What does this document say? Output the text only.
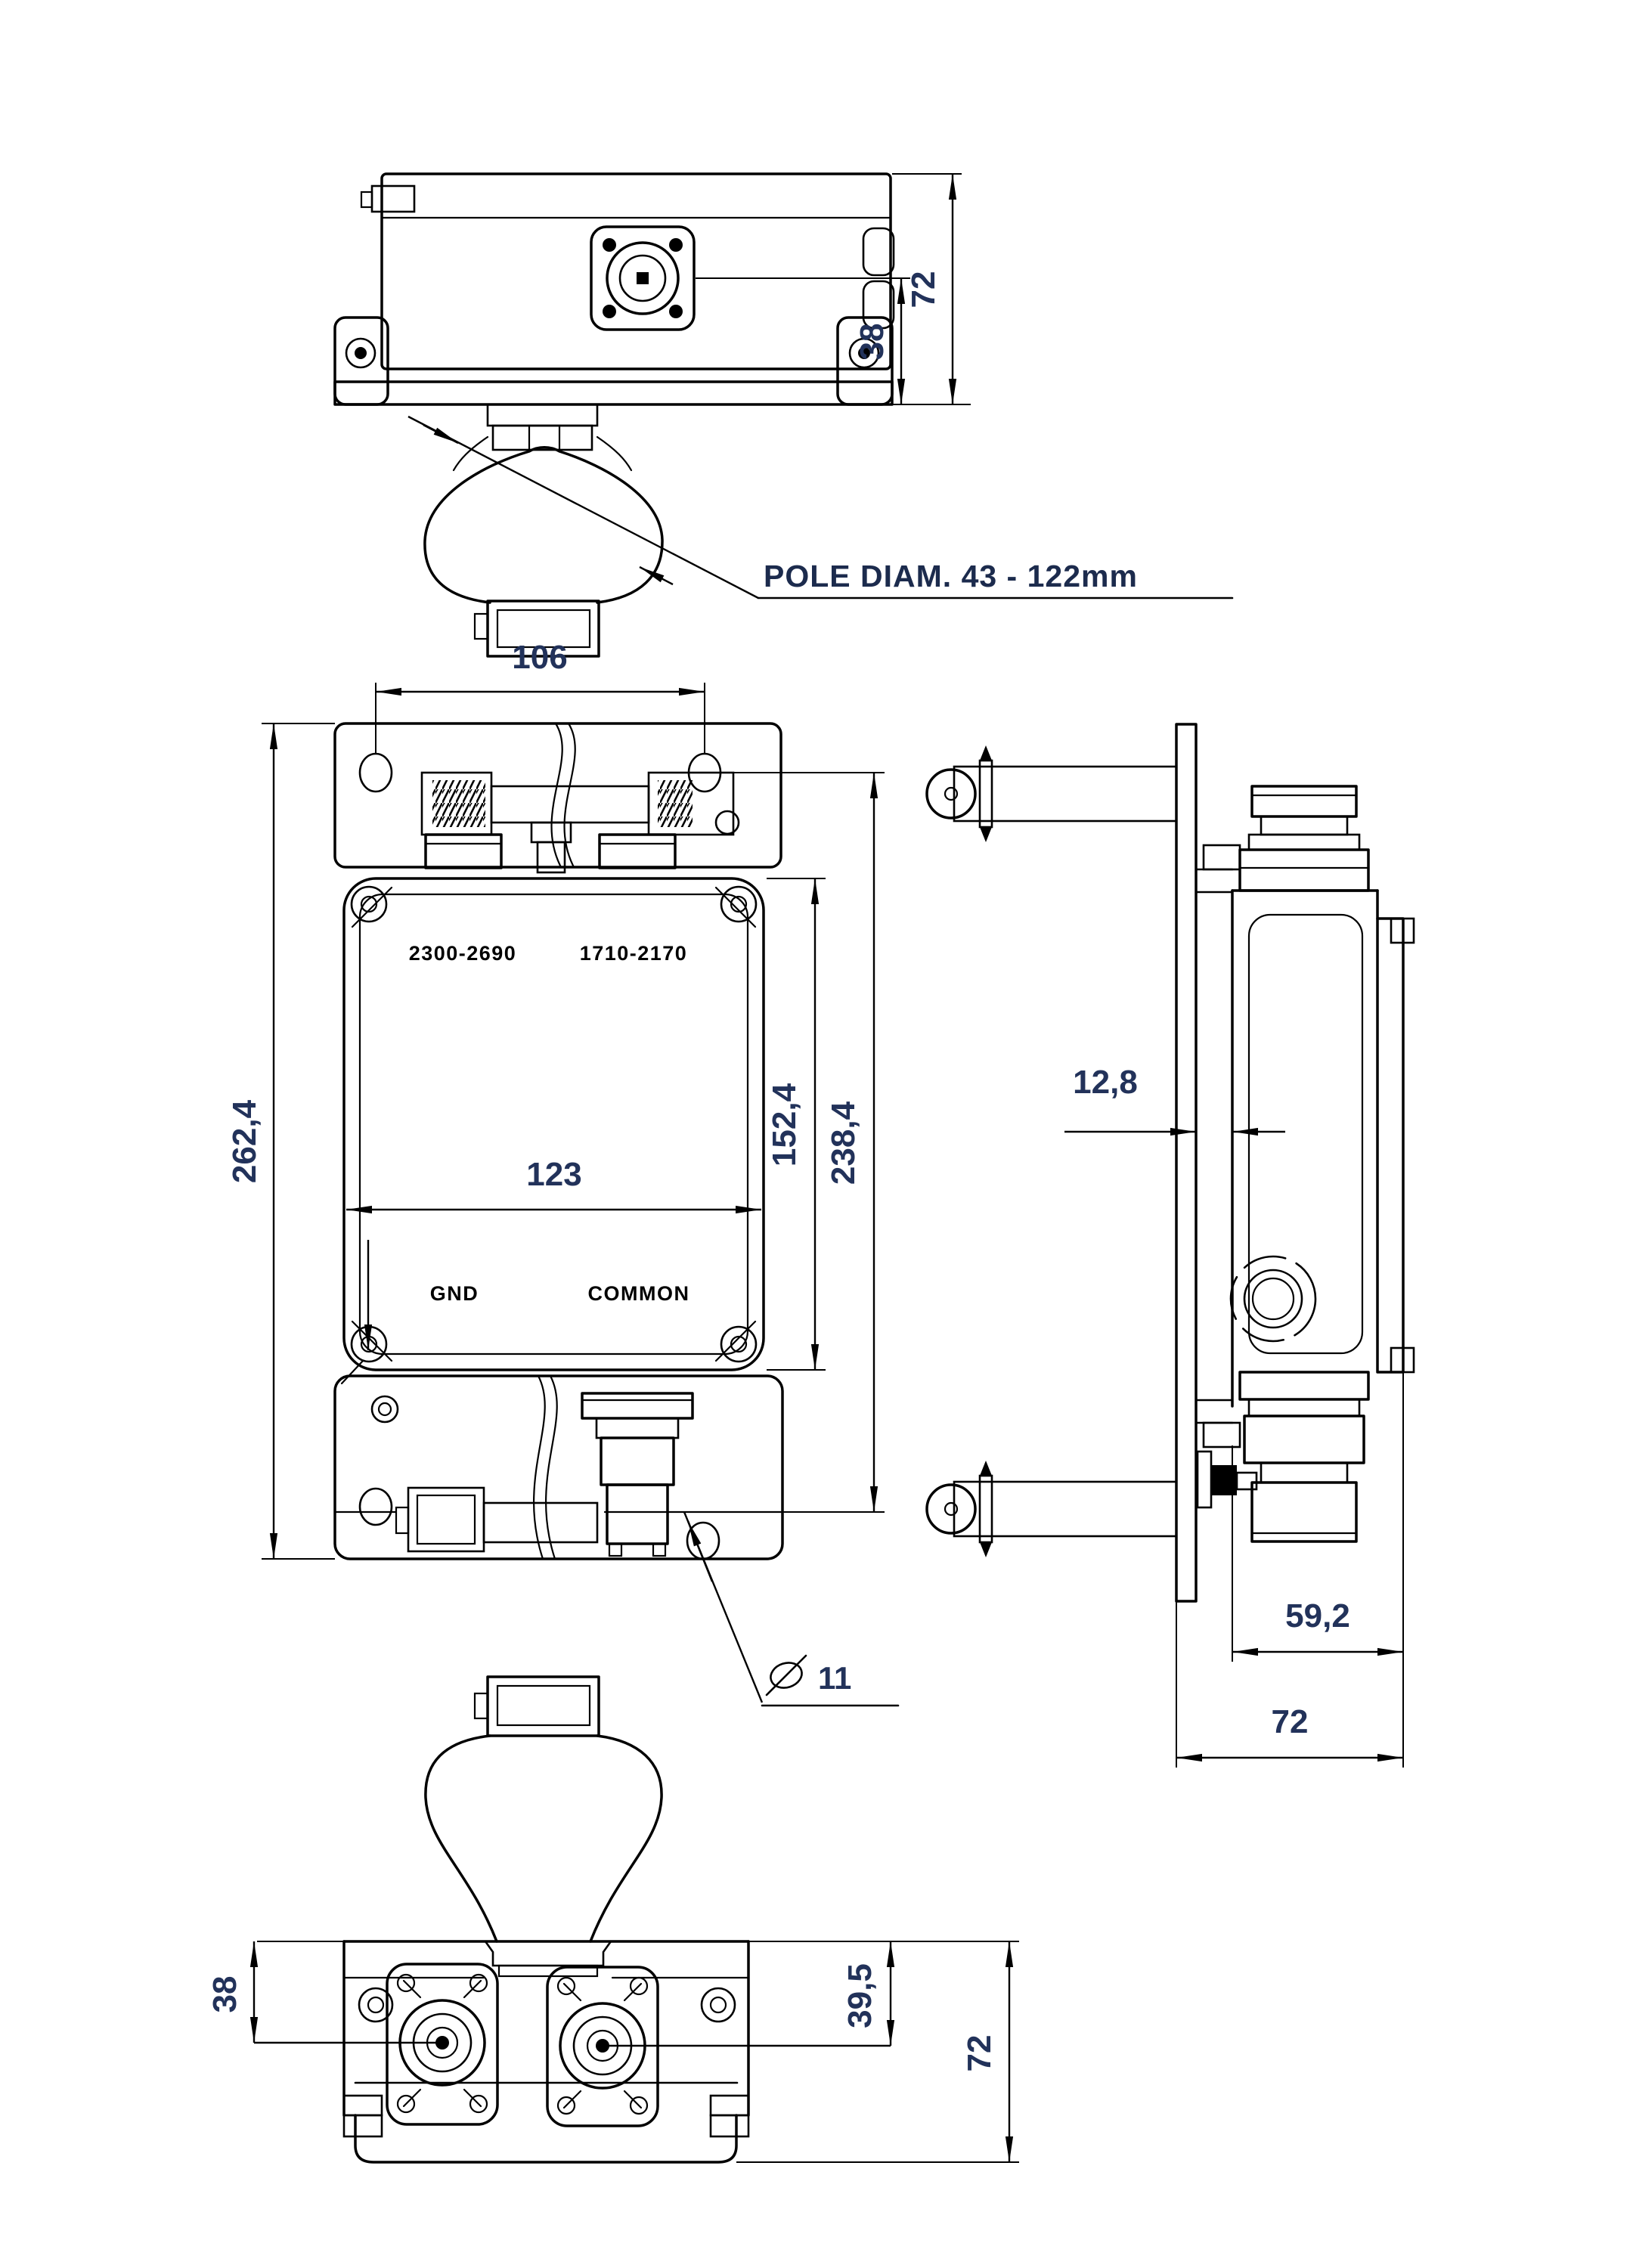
POLE DIAM. 43 - 122mm
38
72
2300-2690	1710-2170
GND	COMMON
106
123
262,4	152,4 238,4
11
12,8
59,2
72
38	39,5
72
